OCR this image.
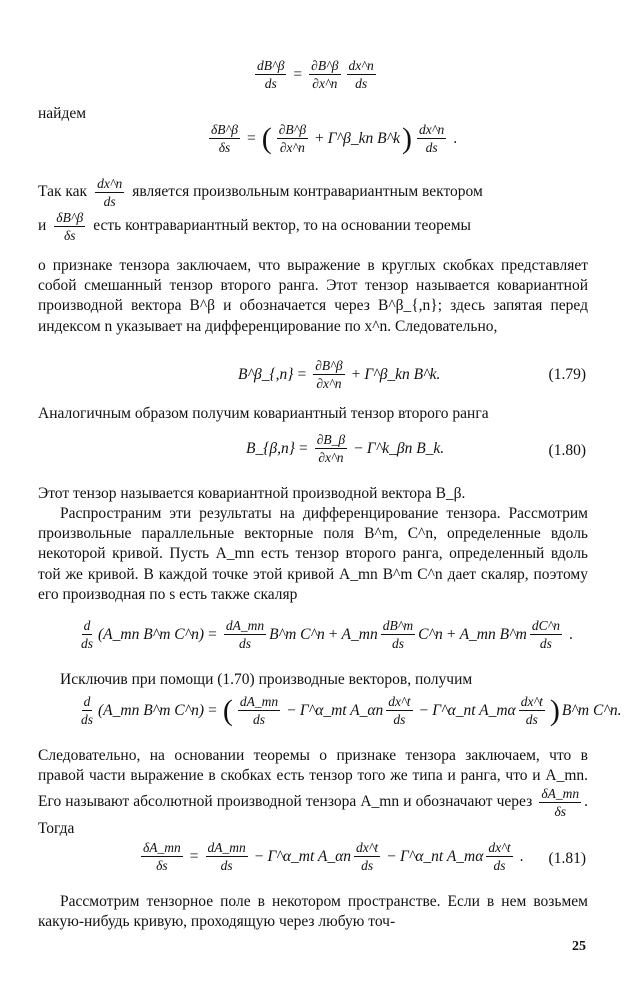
$\frac{dB\^{}\beta}{ds} = \frac{\partial B\^{}\beta}{\partial x\^{}n} \frac{dx\^{}n}{ds}$
найдем
$\frac{\delta B\^{}\beta}{\delta s}$ = ( $\frac{\partial B\^{}\beta}{\partial x\^{}n}$ + Γ^β_kn B^k ) $\frac{dx\^{}n}{ds}$ .
Так как $\frac{dx\^{}n}{ds}$ является произвольным контравариантным вектором
и $\frac{\delta B\^{}\beta}{\delta s}$ есть контравариантный вектор, то на основании теоремы
о признаке тензора заключаем, что выражение в круглых скобках представляет собой смешанный тензор второго ранга. Этот тензор называется ковариантной производной вектора B^β и обозначается через B^β_{,n}; здесь запятая перед индексом n указывает на дифференцирование по x^n. Следовательно,
B^β_{,n} = $\frac{\partial B\^{}\beta}{\partial x\^{}n}$ + Γ^β_kn B^k.	(1.79)
Аналогичным образом получим ковариантный тензор второго ранга
B_{β,n} = $\frac{\partial B\_\beta}{\partial x\^{}n}$ − Γ^k_βn B_k.	(1.80)
Этот тензор называется ковариантной производной вектора B_β.
Распространим эти результаты на дифференцирование тензора. Рассмотрим произвольные параллельные векторные поля B^m, C^n, определенные вдоль некоторой кривой. Пусть A_mn есть тензор второго ранга, определенный вдоль той же кривой. В каждой точке этой кривой A_mn B^m C^n дает скаляр, поэтому его производная по s есть также скаляр
$\frac{d}{ds}$ (A_mn B^m C^n) = $\frac{dA\_mn}{ds}$ B^m C^n + A_mn $\frac{dB\^{}m}{ds}$ C^n + A_mn B^m $\frac{dC\^{}n}{ds}$ .
Исключив при помощи (1.70) производные векторов, получим
$\frac{d}{ds}$ (A_mn B^m C^n) = ( $\frac{dA\_mn}{ds}$ − Γ^α_mt A_αn $\frac{dx\^{}t}{ds}$ − Γ^α_nt A_mα $\frac{dx\^{}t}{ds}$ ) B^m C^n.
Следовательно, на основании теоремы о признаке тензора заключаем, что в правой части выражение в скобках есть тензор того же типа и ранга, что и A_mn. Его называют абсолютной производной тензора A_mn и обозначают через $\frac{\delta A\_mn}{\delta s}$ . Тогда
$\frac{\delta A\_mn}{\delta s} = \frac{dA\_mn}{ds}$ − Γ^α_mt A_αn $\frac{dx\^{}t}{ds}$ − Γ^α_nt A_mα $\frac{dx\^{}t}{ds}$ . (1.81)
Рассмотрим тензорное поле в некотором пространстве. Если в нем возьмем какую-нибудь кривую, проходящую через любую точ-
25
